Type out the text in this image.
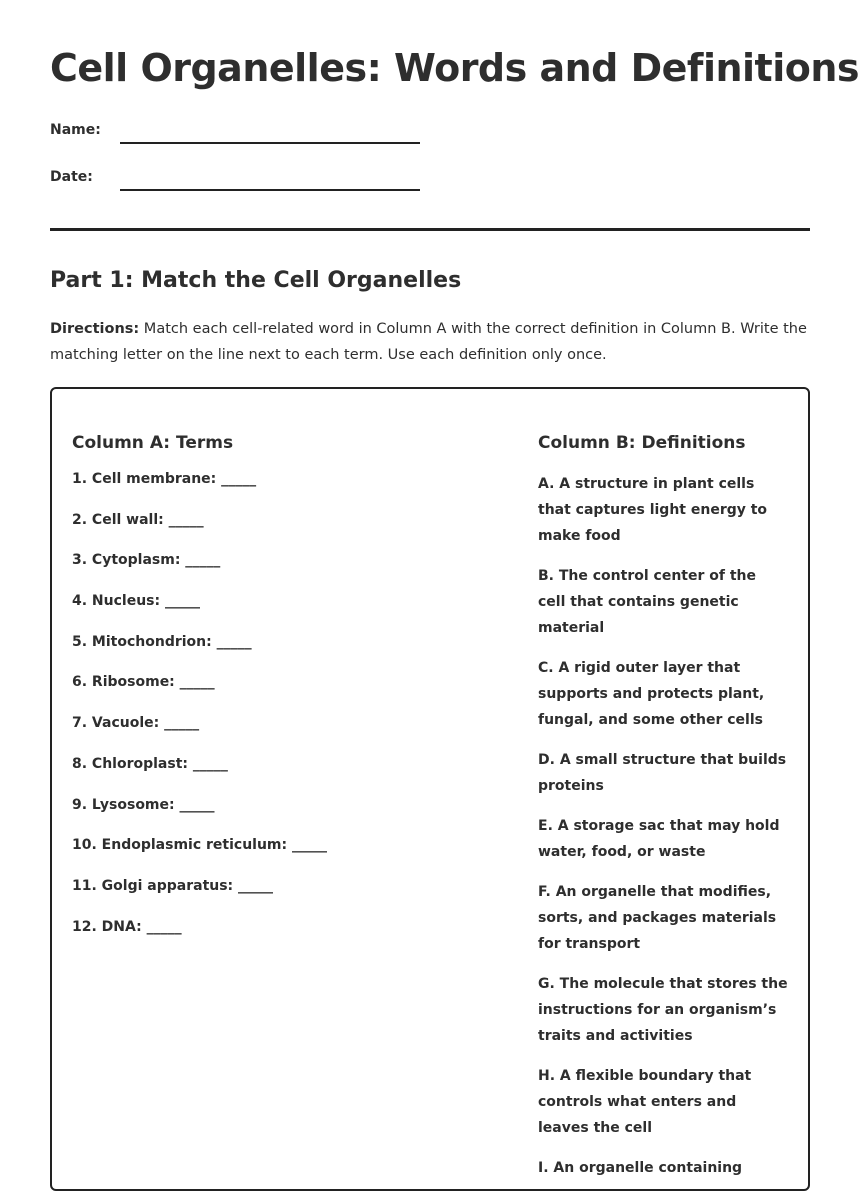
Cell Organelles: Words and Definitions
Name:
Date:
Part 1: Match the Cell Organelles

Directions: Match each cell-related word in Column A with the correct definition in Column B. Write the matching letter on the line next to each term. Use each definition only once.

Column A: Terms
1. Cell membrane: _____
2. Cell wall: _____
3. Cytoplasm: _____
4. Nucleus: _____
5. Mitochondrion: _____
6. Ribosome: _____
7. Vacuole: _____
8. Chloroplast: _____
9. Lysosome: _____
10. Endoplasmic reticulum: _____
11. Golgi apparatus: _____
12. DNA: _____
Column B: Definitions

A. A structure in plant cells that captures light energy to make food

B. The control center of the cell that contains genetic material

C. A rigid outer layer that supports and protects plant, fungal, and some other cells

D. A small structure that builds proteins

E. A storage sac that may hold water, food, or waste

F. An organelle that modifies, sorts, and packages materials for transport

G. The molecule that stores the instructions for an organism’s traits and activities

H. A flexible boundary that controls what enters and leaves the cell

I. An organelle containing
